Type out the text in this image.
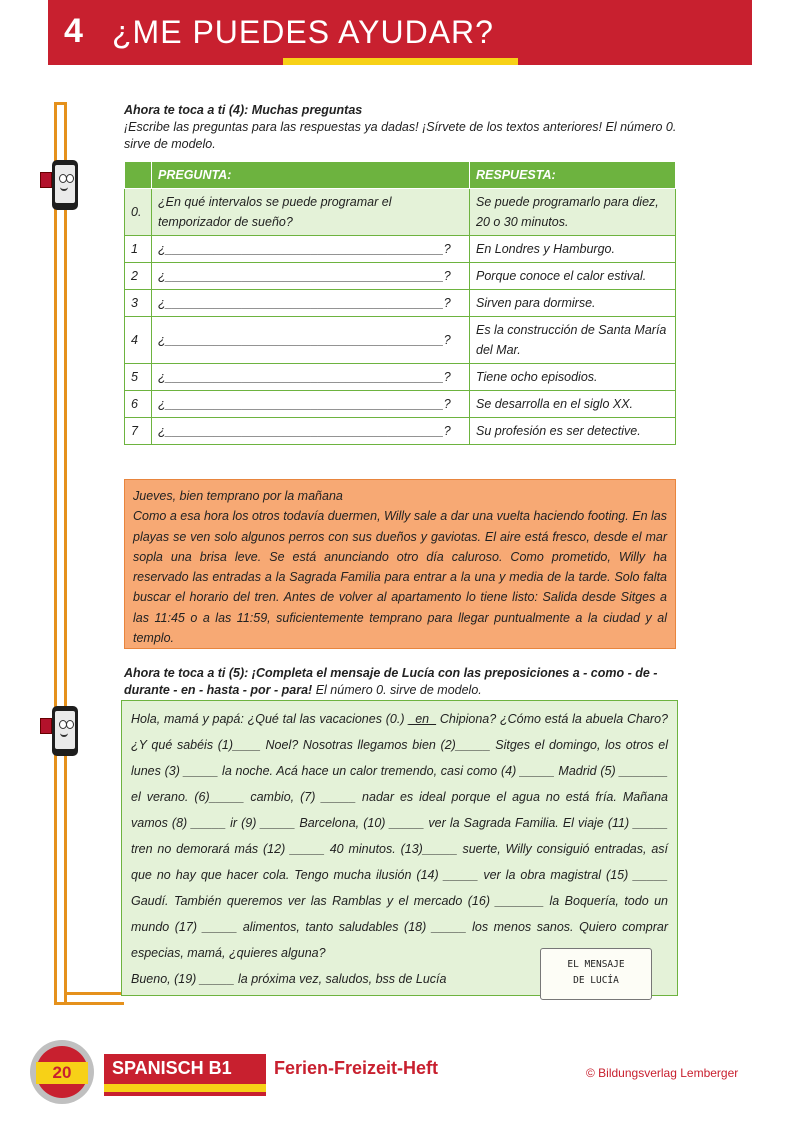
4 ¿ME PUEDES AYUDAR?
Ahora te toca a ti (4): Muchas preguntas
¡Escribe las preguntas para las respuestas ya dadas! ¡Sírvete de los textos anteriores! El número 0. sirve de modelo.
	PREGUNTA:	RESPUESTA:
0.	¿En qué intervalos se puede programar el temporizador de sueño?	Se puede programarlo para diez, 20 o 30 minutos.
1	¿________________________________________?	En Londres y Hamburgo.
2	¿________________________________________?	Porque conoce el calor estival.
3	¿________________________________________?	Sirven para dormirse.
4	¿________________________________________?	Es la construcción de Santa María del Mar.
5	¿________________________________________?	Tiene ocho episodios.
6	¿________________________________________?	Se desarrolla en el siglo XX.
7	¿________________________________________?	Su profesión es ser detective.

Jueves, bien temprano por la mañana

Como a esa hora los otros todavía duermen, Willy sale a dar una vuelta haciendo footing. En las playas se ven solo algunos perros con sus dueños y gaviotas. El aire está fresco, desde el mar sopla una brisa leve. Se está anunciando otro día caluroso. Como prometido, Willy ha reservado las entradas a la Sagrada Familia para entrar a la una y media de la tarde. Solo falta buscar el horario del tren. Antes de volver al apartamento lo tiene listo: Salida desde Sitges a las 11:45 o a las 11:59, suficientemente temprano para llegar puntualmente a la ciudad y al templo.

Ahora te toca a ti (5): ¡Completa el mensaje de Lucía con las preposiciones a - como - de - durante - en - hasta - por - para! El número 0. sirve de modelo.
Hola, mamá y papá: ¿Qué tal las vacaciones (0.) _en_ Chipiona? ¿Cómo está la abuela Charo? ¿Y qué sabéis (1)____ Noel? Nosotras llegamos bien (2)_____ Sitges el domingo, los otros el lunes (3) _____ la noche. Acá hace un calor tremendo, casi como (4) _____ Madrid (5) _______ el verano. (6)_____ cambio, (7) _____ nadar es ideal porque el agua no está fría. Mañana vamos (8) _____ ir (9) _____ Barcelona, (10) _____ ver la Sagrada Familia. El viaje (11) _____ tren no demorará más (12) _____ 40 minutos. (13)_____ suerte, Willy consiguió entradas, así que no hay que hacer cola. Tengo mucha ilusión (14) _____ ver la obra magistral (15) _____ Gaudí. También queremos ver las Ramblas y el mercado (16) _______ la Boquería, todo un mundo (17) _____ alimentos, tanto saludables (18) _____ los menos sanos. Quiero comprar especias, mamá, ¿quieres alguna?
Bueno, (19) _____ la próxima vez, saludos, bss de Lucía
EL MENSAJE
DE LUCÍA
20	SPANISCH B1 Ferien-Freizeit-Heft	© Bildungsverlag Lemberger
